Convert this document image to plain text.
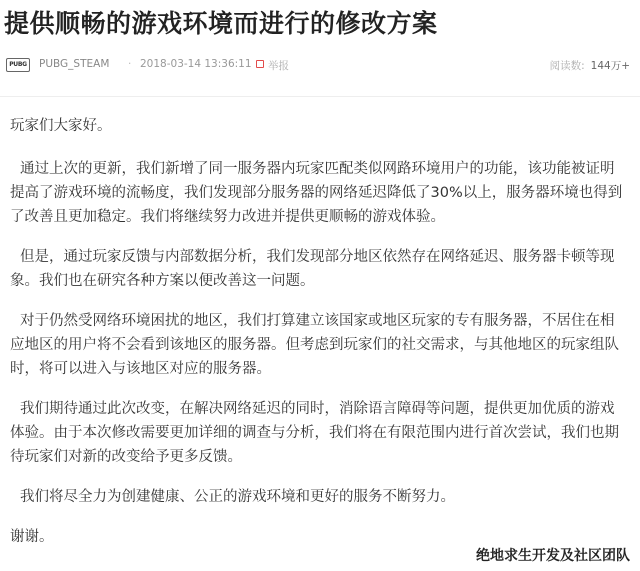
提供顺畅的游戏环境而进行的修改方案
PUBG	PUBG_STEAM · 2018-03-14 13:36:11 举报	阅读数: 144万+

玩家们大家好。

通过上次的更新，我们新增了同一服务器内玩家匹配类似网路环境用户的功能，该功能被证明提高了游戏环境的流畅度，我们发现部分服务器的网络延迟降低了30%以上，服务器环境也得到了改善且更加稳定。我们将继续努力改进并提供更顺畅的游戏体验。

但是，通过玩家反馈与内部数据分析，我们发现部分地区依然存在网络延迟、服务器卡顿等现象。我们也在研究各种方案以便改善这一问题。

对于仍然受网络环境困扰的地区，我们打算建立该国家或地区玩家的专有服务器，不居住在相应地区的用户将不会看到该地区的服务器。但考虑到玩家们的社交需求，与其他地区的玩家组队时，将可以进入与该地区对应的服务器。

我们期待通过此次改变，在解决网络延迟的同时，消除语言障碍等问题，提供更加优质的游戏体验。由于本次修改需要更加详细的调查与分析，我们将在有限范围内进行首次尝试，我们也期待玩家们对新的改变给予更多反馈。

我们将尽全力为创建健康、公正的游戏环境和更好的服务不断努力。

谢谢。

绝地求生开发及社区团队
